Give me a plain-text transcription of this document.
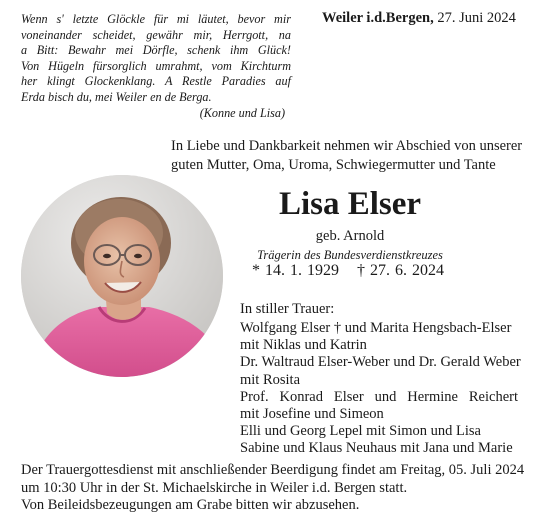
Wenn s' letzte Glöckle für mi läutet, bevor mir
voneinander scheidet, gewähr mir, Herrgott, na
a Bitt: Bewahr mei Dörfle, schenk ihm Glück!
Von Hügeln fürsorglich umrahmt, vom Kirchturm
her klingt Glockenklang. A Restle Paradies auf
Erda bisch du, mei Weiler en de Berga.
(Konne und Lisa)
Weiler i.d.Bergen, 27. Juni 2024
In Liebe und Dankbarkeit nehmen wir Abschied von unserer
guten Mutter, Oma, Uroma, Schwiegermutter und Tante
Lisa Elser
geb. Arnold
Trägerin des Bundesverdienstkreuzes
* 14. 1. 1929 † 27. 6. 2024
In stiller Trauer:
Wolfgang Elser † und Marita Hengsbach-Elser
mit Niklas und Katrin
Dr. Waltraud Elser-Weber und Dr. Gerald Weber
mit Rosita
Prof. Konrad Elser und Hermine Reichert
mit Josefine und Simeon
Elli und Georg Lepel mit Simon und Lisa
Sabine und Klaus Neuhaus mit Jana und Marie
Der Trauergottesdienst mit anschließender Beerdigung findet am Freitag, 05. Juli 2024
um 10:30 Uhr in der St. Michaelskirche in Weiler i.d. Bergen statt.
Von Beileidsbezeugungen am Grabe bitten wir abzusehen.
